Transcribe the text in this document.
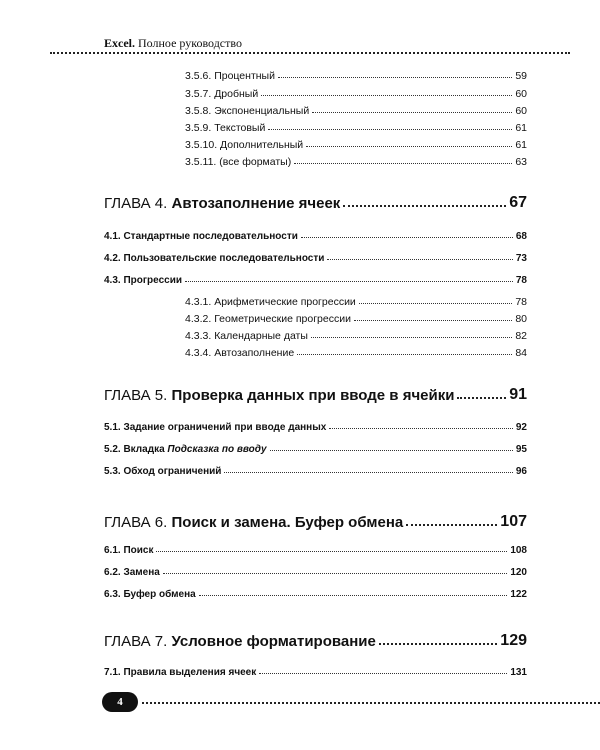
Excel. Полное руководство
3.5.6. Процентный	59
3.5.7. Дробный	60
3.5.8. Экспоненциальный	60
3.5.9. Текстовый	61
3.5.10. Дополнительный	61
3.5.11. (все форматы)	63
ГЛАВА 4. Автозаполнение ячеек	67
4.1. Стандартные последовательности	68
4.2. Пользовательские последовательности	73
4.3. Прогрессии	78
4.3.1. Арифметические прогрессии	78
4.3.2. Геометрические прогрессии	80
4.3.3. Календарные даты	82
4.3.4. Автозаполнение	84
ГЛАВА 5. Проверка данных при вводе в ячейки	91
5.1. Задание ограничений при вводе данных	92
5.2. Вкладка Подсказка по вводу	95
5.3. Обход ограничений	96
ГЛАВА 6. Поиск и замена. Буфер обмена	107
6.1. Поиск	108
6.2. Замена	120
6.3. Буфер обмена	122
ГЛАВА 7. Условное форматирование	129
7.1. Правила выделения ячеек	131
4
